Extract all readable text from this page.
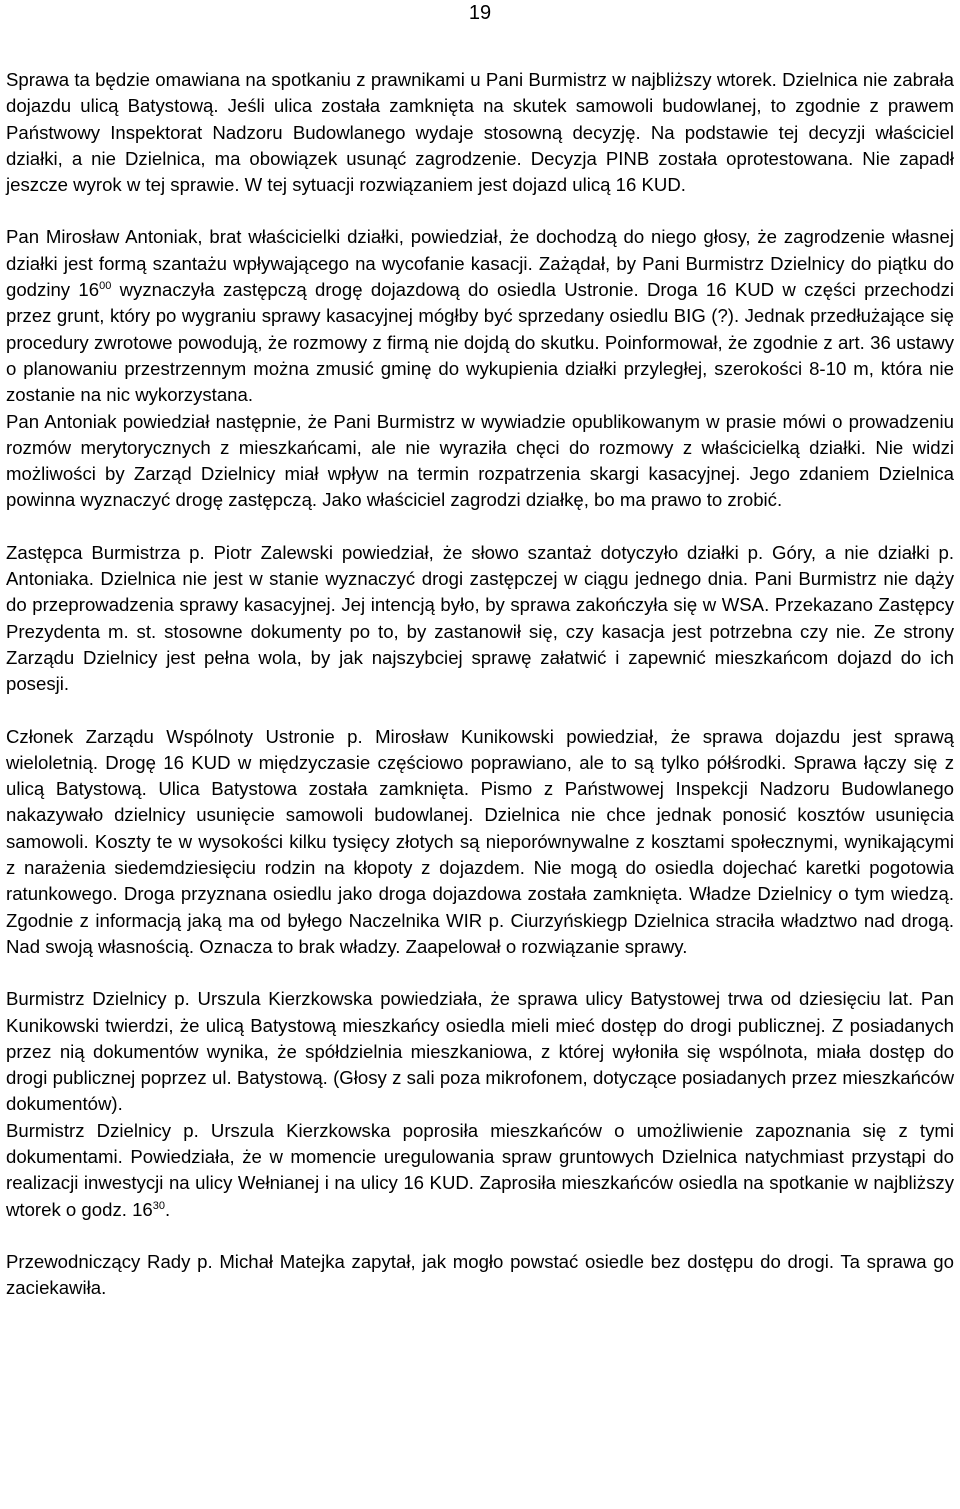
19

Sprawa ta będzie omawiana na spotkaniu z prawnikami u Pani Burmistrz w najbliższy wtorek. Dzielnica nie zabrała dojazdu ulicą Batystową. Jeśli ulica została zamknięta na skutek samowoli budowlanej, to zgodnie z prawem Państwowy Inspektorat Nadzoru Budowlanego wydaje stosowną decyzję. Na podstawie tej decyzji właściciel działki, a nie Dzielnica, ma obowiązek usunąć zagrodzenie. Decyzja PINB została oprotestowana. Nie zapadł jeszcze wyrok w tej sprawie. W tej sytuacji rozwiązaniem jest dojazd ulicą 16 KUD.

Pan Mirosław Antoniak, brat właścicielki działki, powiedział, że dochodzą do niego głosy, że zagrodzenie własnej działki jest formą szantażu wpływającego na wycofanie kasacji. Zażądał, by Pani Burmistrz Dzielnicy do piątku do godziny $16^{00}$ wyznaczyła zastępczą drogę dojazdową do osiedla Ustronie. Droga 16 KUD w części przechodzi przez grunt, który po wygraniu sprawy kasacyjnej mógłby być sprzedany osiedlu BIG (?). Jednak przedłużające się procedury zwrotowe powodują, że rozmowy z firmą nie dojdą do skutku. Poinformował, że zgodnie z art. 36 ustawy o planowaniu przestrzennym można zmusić gminę do wykupienia działki przyległej, szerokości 8-10 m, która nie zostanie na nic wykorzystana.

Pan Antoniak powiedział następnie, że Pani Burmistrz w wywiadzie opublikowanym w prasie mówi o prowadzeniu rozmów merytorycznych z mieszkańcami, ale nie wyraziła chęci do rozmowy z właścicielką działki. Nie widzi możliwości by Zarząd Dzielnicy miał wpływ na termin rozpatrzenia skargi kasacyjnej. Jego zdaniem Dzielnica powinna wyznaczyć drogę zastępczą. Jako właściciel zagrodzi działkę, bo ma prawo to zrobić.

Zastępca Burmistrza p. Piotr Zalewski powiedział, że słowo szantaż dotyczyło działki p. Góry, a nie działki p. Antoniaka. Dzielnica nie jest w stanie wyznaczyć drogi zastępczej w ciągu jednego dnia. Pani Burmistrz nie dąży do przeprowadzenia sprawy kasacyjnej. Jej intencją było, by sprawa zakończyła się w WSA. Przekazano Zastępcy Prezydenta m. st. stosowne dokumenty po to, by zastanowił się, czy kasacja jest potrzebna czy nie. Ze strony Zarządu Dzielnicy jest pełna wola, by jak najszybciej sprawę załatwić i zapewnić mieszkańcom dojazd do ich posesji.

Członek Zarządu Wspólnoty Ustronie p. Mirosław Kunikowski powiedział, że sprawa dojazdu jest sprawą wieloletnią. Drogę 16 KUD w międzyczasie częściowo poprawiano, ale to są tylko półśrodki. Sprawa łączy się z ulicą Batystową. Ulica Batystowa została zamknięta. Pismo z Państwowej Inspekcji Nadzoru Budowlanego nakazywało dzielnicy usunięcie samowoli budowlanej. Dzielnica nie chce jednak ponosić kosztów usunięcia samowoli. Koszty te w wysokości kilku tysięcy złotych są nieporównywalne z kosztami społecznymi, wynikającymi z narażenia siedemdziesięciu rodzin na kłopoty z dojazdem. Nie mogą do osiedla dojechać karetki pogotowia ratunkowego. Droga przyznana osiedlu jako droga dojazdowa została zamknięta. Władze Dzielnicy o tym wiedzą. Zgodnie z informacją jaką ma od byłego Naczelnika WIR p. Ciurzyńskiegp Dzielnica straciła władztwo nad drogą. Nad swoją własnością. Oznacza to brak władzy. Zaapelował o rozwiązanie sprawy.

Burmistrz Dzielnicy p. Urszula Kierzkowska powiedziała, że sprawa ulicy Batystowej trwa od dziesięciu lat. Pan Kunikowski twierdzi, że ulicą Batystową mieszkańcy osiedla mieli mieć dostęp do drogi publicznej. Z posiadanych przez nią dokumentów wynika, że spółdzielnia mieszkaniowa, z której wyłoniła się wspólnota, miała dostęp do drogi publicznej poprzez ul. Batystową. (Głosy z sali poza mikrofonem, dotyczące posiadanych przez mieszkańców dokumentów).

Burmistrz Dzielnicy p. Urszula Kierzkowska poprosiła mieszkańców o umożliwienie zapoznania się z tymi dokumentami. Powiedziała, że w momencie uregulowania spraw gruntowych Dzielnica natychmiast przystąpi do realizacji inwestycji na ulicy Wełnianej i na ulicy 16 KUD. Zaprosiła mieszkańców osiedla na spotkanie w najbliższy wtorek o godz. $16^{30}$.

Przewodniczący Rady p. Michał Matejka zapytał, jak mogło powstać osiedle bez dostępu do drogi. Ta sprawa go zaciekawiła.
